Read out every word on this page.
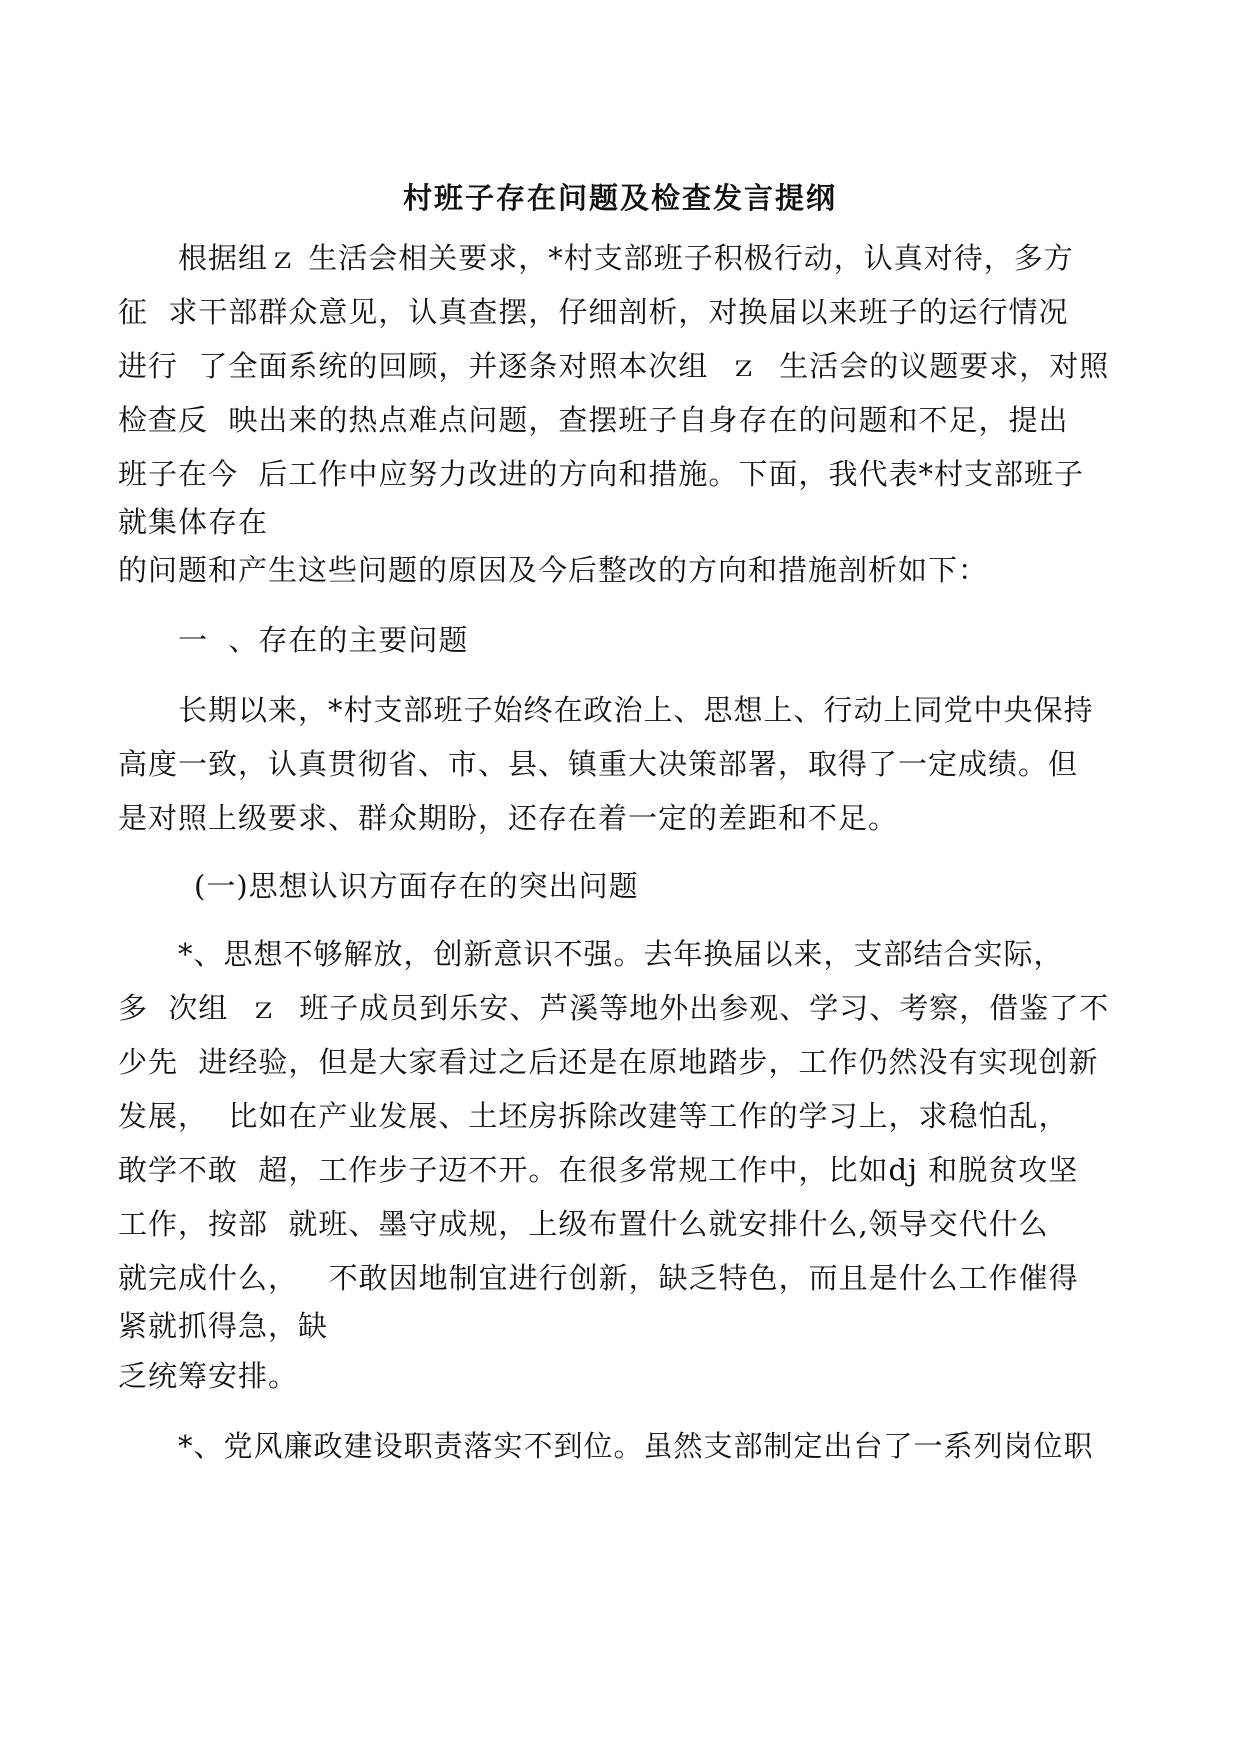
村班子存在问题及检查发言提纲

根据组ｚ 生活会相关要求，*村支部班子积极行动，认真对待，多方

征  求干部群众意见，认真查摆，仔细剖析，对换届以来班子的运行情况

进行  了全面系统的回顾，并逐条对照本次组  ｚ  生活会的议题要求，对照

检查反  映出来的热点难点问题，查摆班子自身存在的问题和不足，提出

班子在今  后工作中应努力改进的方向和措施。下面，我代表*村支部班子

就集体存在

的问题和产生这些问题的原因及今后整改的方向和措施剖析如下：

一  、存在的主要问题

长期以来，*村支部班子始终在政治上、思想上、行动上同党中央保持

高度一致，认真贯彻省、市、县、镇重大决策部署，取得了一定成绩。但

是对照上级要求、群众期盼，还存在着一定的差距和不足。

(一)思想认识方面存在的突出问题

*、思想不够解放，创新意识不强。去年换届以来，支部结合实际，

多  次组  ｚ  班子成员到乐安、芦溪等地外出参观、学习、考察，借鉴了不

少先  进经验，但是大家看过之后还是在原地踏步，工作仍然没有实现创新

发展，  比如在产业发展、土坯房拆除改建等工作的学习上，求稳怕乱，

敢学不敢  超，工作步子迈不开。在很多常规工作中，比如dj 和脱贫攻坚

工作，按部  就班、墨守成规，上级布置什么就安排什么,领导交代什么

就完成什么，   不敢因地制宜进行创新，缺乏特色，而且是什么工作催得

紧就抓得急，缺

乏统筹安排。

*、党风廉政建设职责落实不到位。虽然支部制定出台了一系列岗位职
